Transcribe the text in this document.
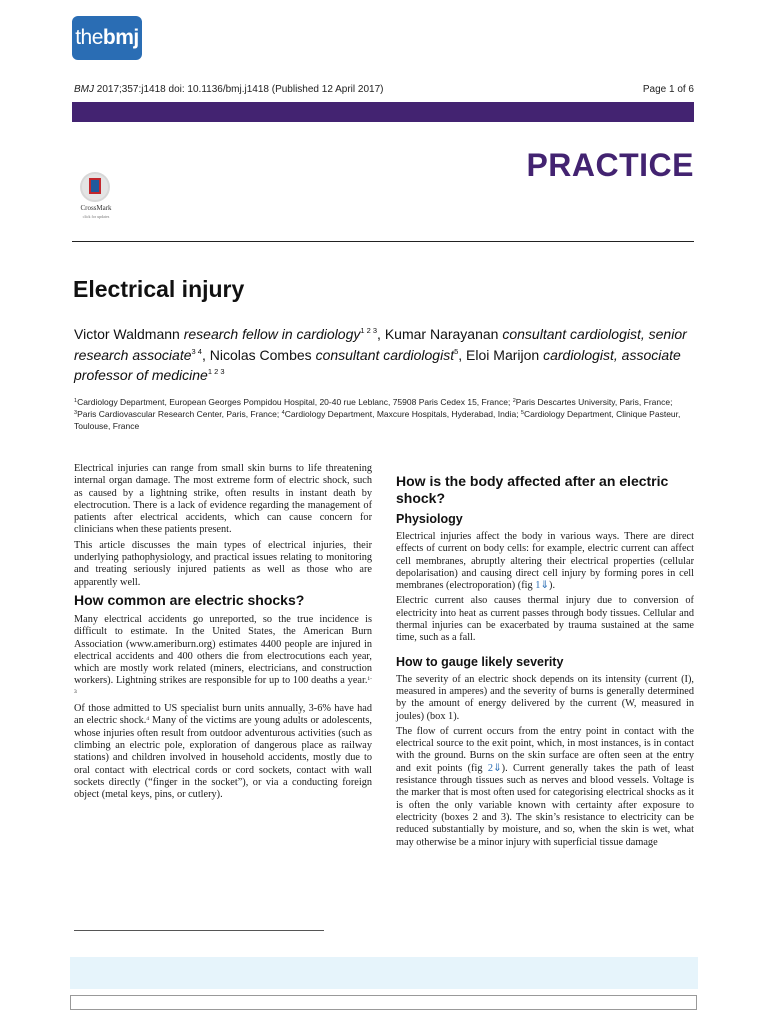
thebmj
BMJ 2017;357:j1418 doi: 10.1136/bmj.j1418 (Published 12 April 2017)	Page 1 of 6
PRACTICE
CrossMark
click for updates
Electrical injury
Victor Waldmann research fellow in cardiology$^{1 2 3}$, Kumar Narayanan consultant cardiologist, senior research associate$^{3 4}$, Nicolas Combes consultant cardiologist$^5$, Eloi Marijon cardiologist, associate professor of medicine$^{1 2 3}$
$^1$Cardiology Department, European Georges Pompidou Hospital, 20-40 rue Leblanc, 75908 Paris Cedex 15, France; $^2$Paris Descartes University, Paris, France; $^3$Paris Cardiovascular Research Center, Paris, France; $^4$Cardiology Department, Maxcure Hospitals, Hyderabad, India; $^5$Cardiology Department, Clinique Pasteur, Toulouse, France

Electrical injuries can range from small skin burns to life threatening internal organ damage. The most extreme form of electric shock, such as caused by a lightning strike, often results in instant death by electrocution. There is a lack of evidence regarding the management of patients after electrical accidents, which can cause concern for clinicians when these patients present.

This article discusses the main types of electrical injuries, their underlying pathophysiology, and practical issues relating to monitoring and treating seriously injured patients as well as those who are apparently well.

How common are electric shocks?

Many electrical accidents go unreported, so the true incidence is difficult to estimate. In the United States, the American Burn Association (www.ameriburn.org) estimates 4400 people are injured in electrical accidents and 400 others die from electrocutions each year, which are mostly work related (miners, electricians, and construction workers). Lightning strikes are responsible for up to 100 deaths a year.$^{1-3}$

Of those admitted to US specialist burn units annually, 3-6% have had an electric shock.$^4$ Many of the victims are young adults or adolescents, whose injuries often result from outdoor adventurous activities (such as climbing an electric pole, exploration of dangerous place as railway stations) and children involved in household accidents, mostly due to oral contact with electrical cords or cord sockets, contact with wall sockets directly (“finger in the socket”), or via a conducting foreign object (metal keys, pins, or cutlery).

How is the body affected after an electric shock?
Physiology

Electrical injuries affect the body in various ways. There are direct effects of current on body cells: for example, electric current can affect cell membranes, abruptly altering their electrical properties (cellular depolarisation) and causing direct cell injury by forming pores in cell membranes (electroporation) (fig 1⇓).

Electric current also causes thermal injury due to conversion of electricity into heat as current passes through body tissues. Cellular and thermal injuries can be exacerbated by trauma sustained at the same time, such as a fall.

How to gauge likely severity

The severity of an electric shock depends on its intensity (current (I), measured in amperes) and the severity of burns is generally determined by the amount of energy delivered by the current (W, measured in joules) (box 1).

The flow of current occurs from the entry point in contact with the electrical source to the exit point, which, in most instances, is in contact with the ground. Burns on the skin surface are often seen at the entry and exit points (fig 2⇓). Current generally takes the path of least resistance through tissues such as nerves and blood vessels. Voltage is the marker that is most often used for categorising electrical shocks as it is often the only variable known with certainty after exposure to electricity (boxes 2 and 3). The skin’s resistance to electricity can be reduced substantially by moisture, and so, when the skin is wet, what may otherwise be a minor injury with superficial tissue damage
